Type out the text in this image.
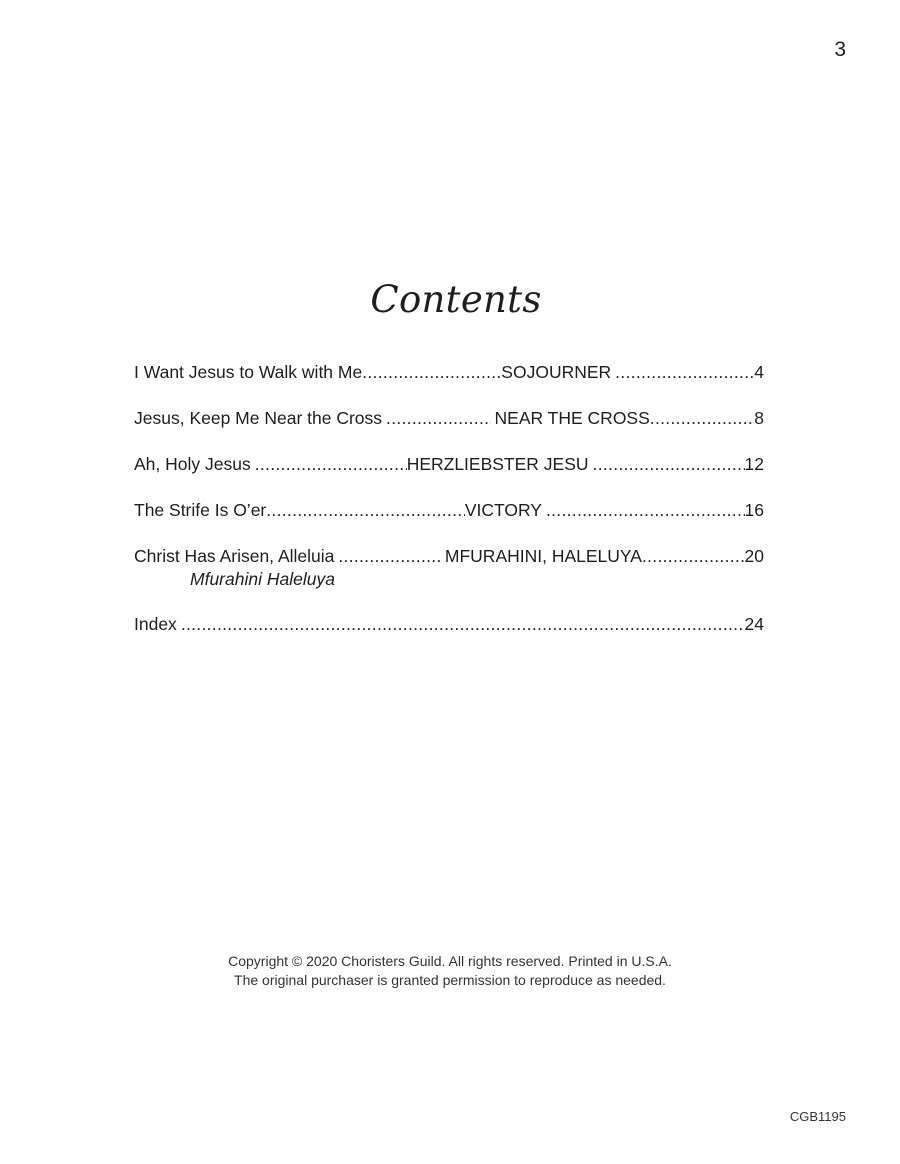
3
Contents
I Want Jesus to Walk with Me .....	SOJOURNER .....	4
Jesus, Keep Me Near the Cross .....	NEAR THE CROSS .....	8
Ah, Holy Jesus .....	HERZLIEBSTER JESU .....	12
The Strife Is O’er .....	VICTORY .....	16
Christ Has Arisen, Alleluia .....	MFURAHINI, HALELUYA .....	20
Mfurahini Haleluya
Index .....	24
Copyright © 2020 Choristers Guild. All rights reserved. Printed in U.S.A.
The original purchaser is granted permission to reproduce as needed.
CGB1195
